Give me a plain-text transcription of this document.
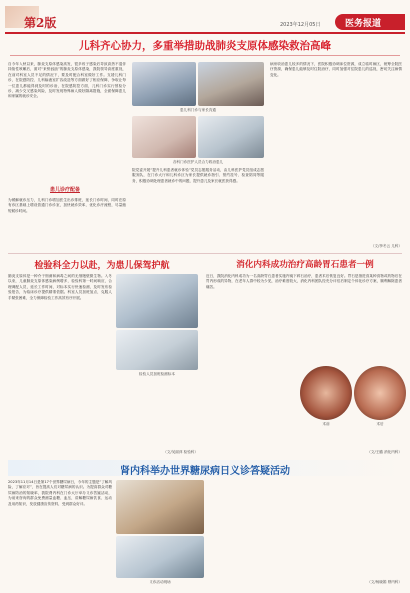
第2版	2023年12月05日	医务报道
儿科齐心协力，多重举措助战肺炎支原体感染救治高峰
自今年入秋以来，肺炎支原体感染高发，很多孩子感染后导致高热不退伴持续性咳嗽后，面对“来势汹汹”的肺炎支原体感染，我院领导高度重视，在前对科室人员不足的情况下，要及时配合科室做好工作。支援儿科门诊，在院感防控、儿科输液室扩容改造等方面做好了相应保障，争取让每一位患儿都能得到及时的诊治，在院感防控方面，儿科门诊实行预检分诊，减少交叉感染风险，及时发现特殊病人做好隔离措施，全面保障患儿和家属的就诊安全。
患儿诊疗配备
为缓解就诊压力，儿科门诊增加医生出诊排班，延长门诊时间，同时在原有诊区基础上增设普通门诊诊室，加快就诊效率，优化诊疗流程，尽量缩短候诊时间。
患儿科门诊与家长沟通
各科门诊医护人员合力救治患儿
院党委开展“提升儿科患者就诊体验”党员志愿服务活动，由儿科医护党员组成志愿服务队，在门诊大厅和儿科诊区为家长提供就诊指引、预约挂号、检查陪同等服务，积极协调处理患者就诊中的问题，提升患儿及家长就医获得感。
病房收治患儿较多的情况下，医院积极协调床位资源，成立临时病区，统筹全院医疗资源，确保患儿能够及时住院治疗，同时加强对住院患儿的巡视，密切关注病情变化。
（文/李冬云 儿科）
检验科全力以赴，为患儿保驾护航
肺炎支原体是一种介于细菌和病毒之间的无细胞壁微生物。入冬以来，儿童肺炎支原体感染病例增多，检验科第一时间响应，合理调配人员，延长工作时间，对标本实行快速检测，及时发布检验报告，为临床诊疗提供精准依据。科室人员加班加点，克服人手紧张困难，全力保障检验工作高效有序开展。
检验人员加班检测标本
（文/吴丽萍 检验科）
消化内科成功治疗高龄胃石患者一例
近日，我院消化内科成功为一名高龄胃石患者实施内镜下碎石治疗，患者术后恢复良好。胃石是指进食某种食物或药物后在胃内形成的异物，在老年人群中较为少见，治疗难度较大，消化内科团队经充分评估后制定个体化诊疗方案，顺利解除患者痛苦。
术前	术后
（文/王璐 消化内科）
肾内科举办世界糖尿病日义诊答疑活动
2023年11月14日是第17个世界糖尿病日，今年的主题是“了解风险，了解应对”，旨在提高人们对糖尿病的认识。为提高群众对糖尿病防治的知晓率，我院肾内科在门诊大厅举办义诊答疑活动，为前来咨询的群众免费测量血糖、血压，讲解糖尿病饮食、运动及用药知识，发放健康宣传资料，受到群众好评。
义诊活动现场	（文/杨晓娟 肾内科）
